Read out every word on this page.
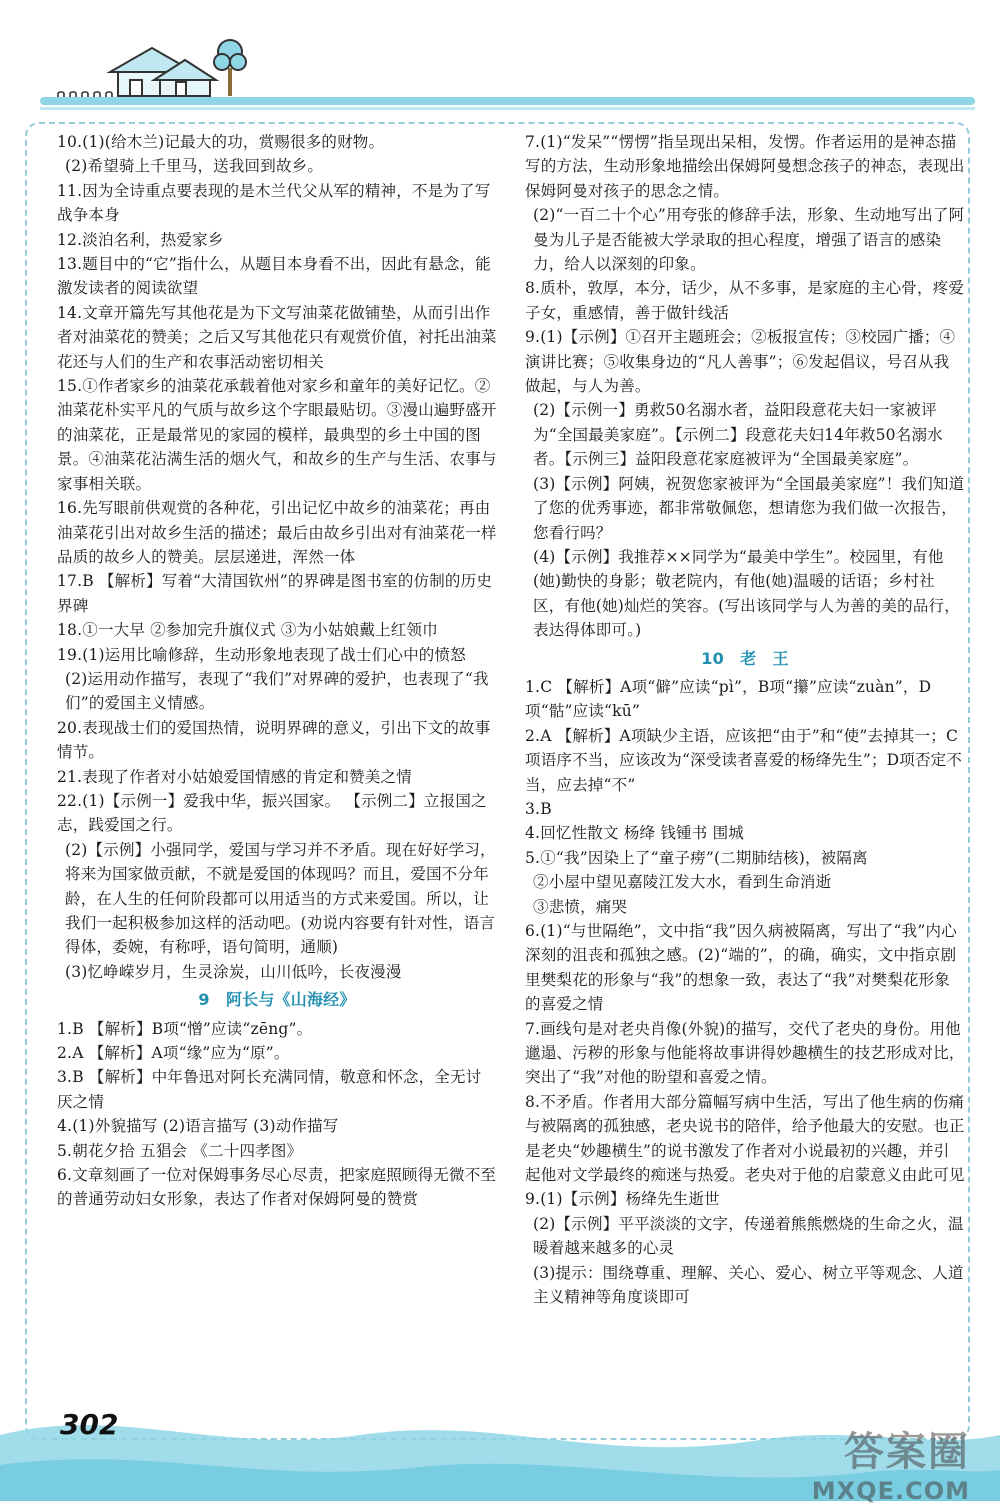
10.(1)(给木兰)记最大的功，赏赐很多的财物。

(2)希望骑上千里马，送我回到故乡。

11.因为全诗重点要表现的是木兰代父从军的精神，不是为了写战争本身

12.淡泊名利，热爱家乡

13.题目中的“它”指什么，从题目本身看不出，因此有悬念，能激发读者的阅读欲望

14.文章开篇先写其他花是为下文写油菜花做铺垫，从而引出作者对油菜花的赞美；之后又写其他花只有观赏价值，衬托出油菜花还与人们的生产和农事活动密切相关

15.①作者家乡的油菜花承载着他对家乡和童年的美好记忆。②油菜花朴实平凡的气质与故乡这个字眼最贴切。③漫山遍野盛开的油菜花，正是最常见的家园的模样，最典型的乡土中国的图景。④油菜花沾满生活的烟火气，和故乡的生产与生活、农事与家事相关联。

16.先写眼前供观赏的各种花，引出记忆中故乡的油菜花；再由油菜花引出对故乡生活的描述；最后由故乡引出对有油菜花一样品质的故乡人的赞美。层层递进，浑然一体

17.B 【解析】写着“大清国钦州”的界碑是图书室的仿制的历史界碑

18.①一大早 ②参加完升旗仪式 ③为小姑娘戴上红领巾

19.(1)运用比喻修辞，生动形象地表现了战士们心中的愤怒

(2)运用动作描写，表现了“我们”对界碑的爱护，也表现了“我们”的爱国主义情感。

20.表现战士们的爱国热情，说明界碑的意义，引出下文的故事情节。

21.表现了作者对小姑娘爱国情感的肯定和赞美之情

22.(1)【示例一】爱我中华，振兴国家。 【示例二】立报国之志，践爱国之行。

(2)【示例】小强同学，爱国与学习并不矛盾。现在好好学习，将来为国家做贡献，不就是爱国的体现吗？而且，爱国不分年龄，在人生的任何阶段都可以用适当的方式来爱国。所以，让我们一起积极参加这样的活动吧。(劝说内容要有针对性，语言得体，委婉，有称呼，语句简明，通顺)

(3)忆峥嵘岁月，生灵涂炭，山川低吟，长夜漫漫

9　阿长与《山海经》

1.B 【解析】B项“憎”应读“zēng”。

2.A 【解析】A项“缘”应为“原”。

3.B 【解析】中年鲁迅对阿长充满同情，敬意和怀念，全无讨厌之情

4.(1)外貌描写 (2)语言描写 (3)动作描写

5.朝花夕拾 五猖会 《二十四孝图》

6.文章刻画了一位对保姆事务尽心尽责，把家庭照顾得无微不至的普通劳动妇女形象，表达了作者对保姆阿曼的赞赏

7.(1)“发呆”“愣愣”指呈现出呆相，发愣。作者运用的是神态描写的方法，生动形象地描绘出保姆阿曼想念孩子的神态，表现出保姆阿曼对孩子的思念之情。

(2)“一百二十个心”用夸张的修辞手法，形象、生动地写出了阿曼为儿子是否能被大学录取的担心程度，增强了语言的感染力，给人以深刻的印象。

8.质朴，敦厚，本分，话少，从不多事，是家庭的主心骨，疼爱子女，重感情，善于做针线活

9.(1)【示例】①召开主题班会；②板报宣传；③校园广播；④演讲比赛；⑤收集身边的“凡人善事”；⑥发起倡议，号召从我做起，与人为善。

(2)【示例一】勇救50名溺水者，益阳段意花夫妇一家被评为“全国最美家庭”。【示例二】段意花夫妇14年救50名溺水者。【示例三】益阳段意花家庭被评为“全国最美家庭”。

(3)【示例】阿姨，祝贺您家被评为“全国最美家庭”！我们知道了您的优秀事迹，都非常敬佩您，想请您为我们做一次报告，您看行吗？

(4)【示例】我推荐××同学为“最美中学生”。校园里，有他(她)勤快的身影；敬老院内，有他(她)温暖的话语；乡村社区，有他(她)灿烂的笑容。(写出该同学与人为善的美的品行，表达得体即可。)

10　老　王

1.C 【解析】A项“僻”应读“pì”，B项“攥”应读“zuàn”，D项“骷”应读“kū”

2.A 【解析】A项缺少主语，应该把“由于”和“使”去掉其一；C项语序不当，应该改为“深受读者喜爱的杨绛先生”；D项否定不当，应去掉“不”

3.B

4.回忆性散文 杨绛 钱锺书 围城

5.①“我”因染上了“童子痨”(二期肺结核)，被隔离

②小屋中望见嘉陵江发大水，看到生命消逝

③悲愤，痛哭

6.(1)“与世隔绝”，文中指“我”因久病被隔离，写出了“我”内心深刻的沮丧和孤独之感。(2)“端的”，的确，确实，文中指京剧里樊梨花的形象与“我”的想象一致，表达了“我”对樊梨花形象的喜爱之情

7.画线句是对老央肖像(外貌)的描写，交代了老央的身份。用他邋遢、污秽的形象与他能将故事讲得妙趣横生的技艺形成对比，突出了“我”对他的盼望和喜爱之情。

8.不矛盾。作者用大部分篇幅写病中生活，写出了他生病的伤痛与被隔离的孤独感，老央说书的陪伴，给予他最大的安慰。也正是老央“妙趣横生”的说书激发了作者对小说最初的兴趣，并引起他对文学最终的痴迷与热爱。老央对于他的启蒙意义由此可见

9.(1)【示例】杨绛先生逝世

(2)【示例】平平淡淡的文字，传递着熊熊燃烧的生命之火，温暖着越来越多的心灵

(3)提示：围绕尊重、理解、关心、爱心、树立平等观念、人道主义精神等角度谈即可

302
答案圈
MXQE.COM
